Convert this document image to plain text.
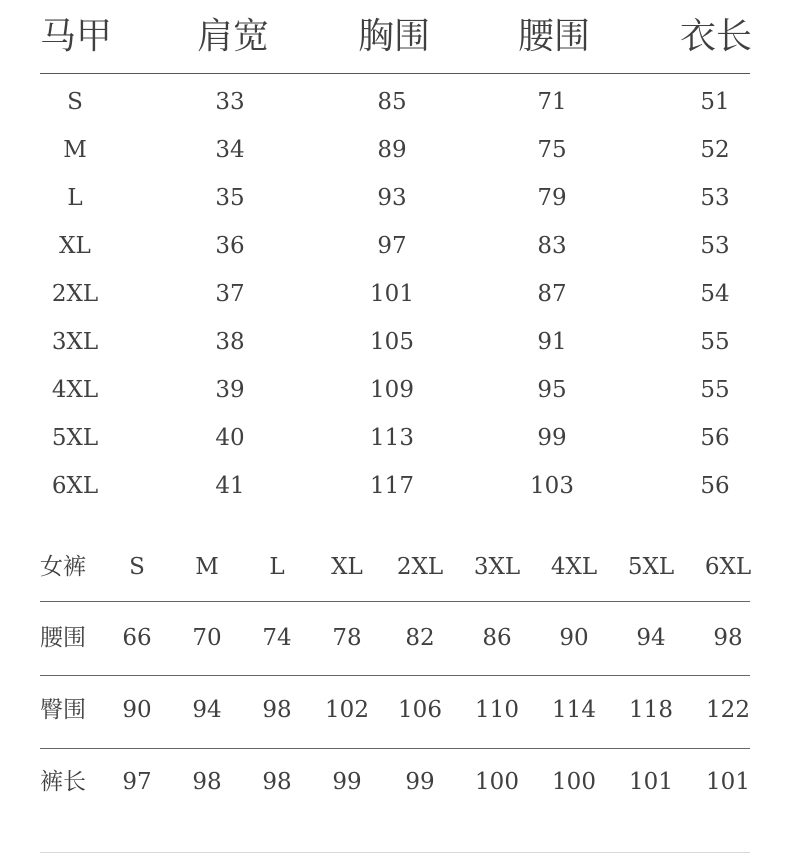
马甲 肩宽 胸围 腰围 衣长
S	33	85	71	51
M	34	89	75	52
L	35	93	79	53
XL	36	97	83	53
2XL	37	101	87	54
3XL	38	105	91	55
4XL	39	109	95	55
5XL	40	113	99	56
6XL	41	117	103	56
女裤	S	M	L	XL	2XL	3XL	4XL	5XL	6XL
腰围	66	70	74	78	82	86	90	94	98
臀围	90	94	98	102	106	110	114	118	122
裤长	97	98	98	99	99	100	100	101	101
